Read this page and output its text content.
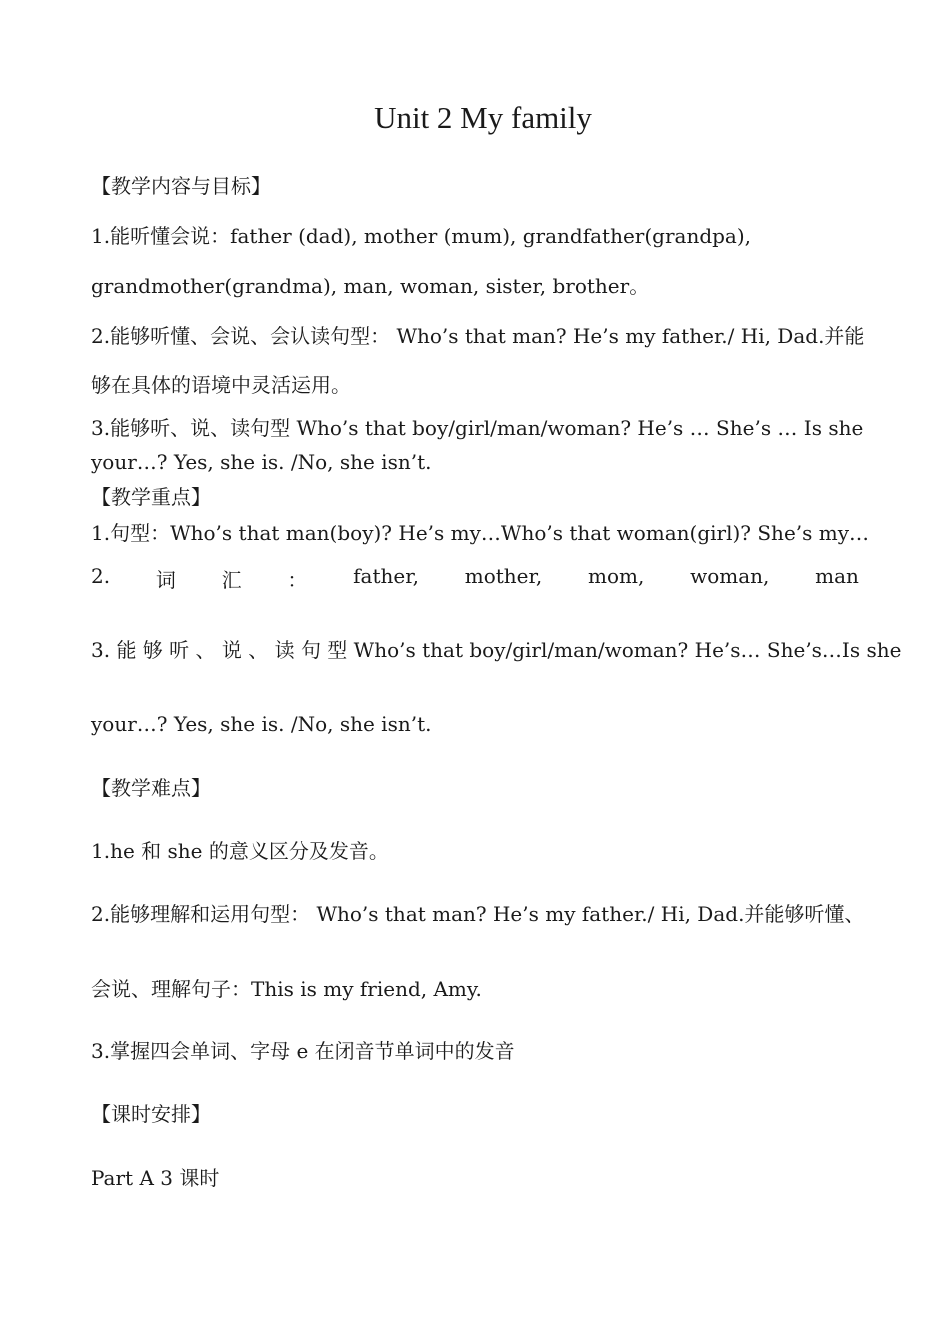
Unit 2 My family
【教学内容与目标】
1.能听懂会说：father (dad), mother (mum), grandfather(grandpa),
grandmother(grandma), man, woman, sister, brother。
2.能够听懂、会说、会认读句型： Who’s that man? He’s my father./ Hi, Dad.并能
够在具体的语境中灵活运用。
3.能够听、说、读句型 Who’s that boy/girl/man/woman? He’s … She’s … Is she
your…? Yes, she is. /No, she isn’t.
【教学重点】
1.句型：Who’s that man(boy)? He’s my…Who’s that woman(girl)? She’s my…
2. 词 汇 ： father, mother, mom, woman, man
3. 能 够 听 、 说 、 读 句 型 Who’s that boy/girl/man/woman? He’s… She’s…Is she
your…? Yes, she is. /No, she isn’t.
【教学难点】
1.he 和 she 的意义区分及发音。
2.能够理解和运用句型： Who’s that man? He’s my father./ Hi, Dad.并能够听懂、
会说、理解句子：This is my friend, Amy.
3.掌握四会单词、字母 e 在闭音节单词中的发音
【课时安排】
Part A 3 课时
